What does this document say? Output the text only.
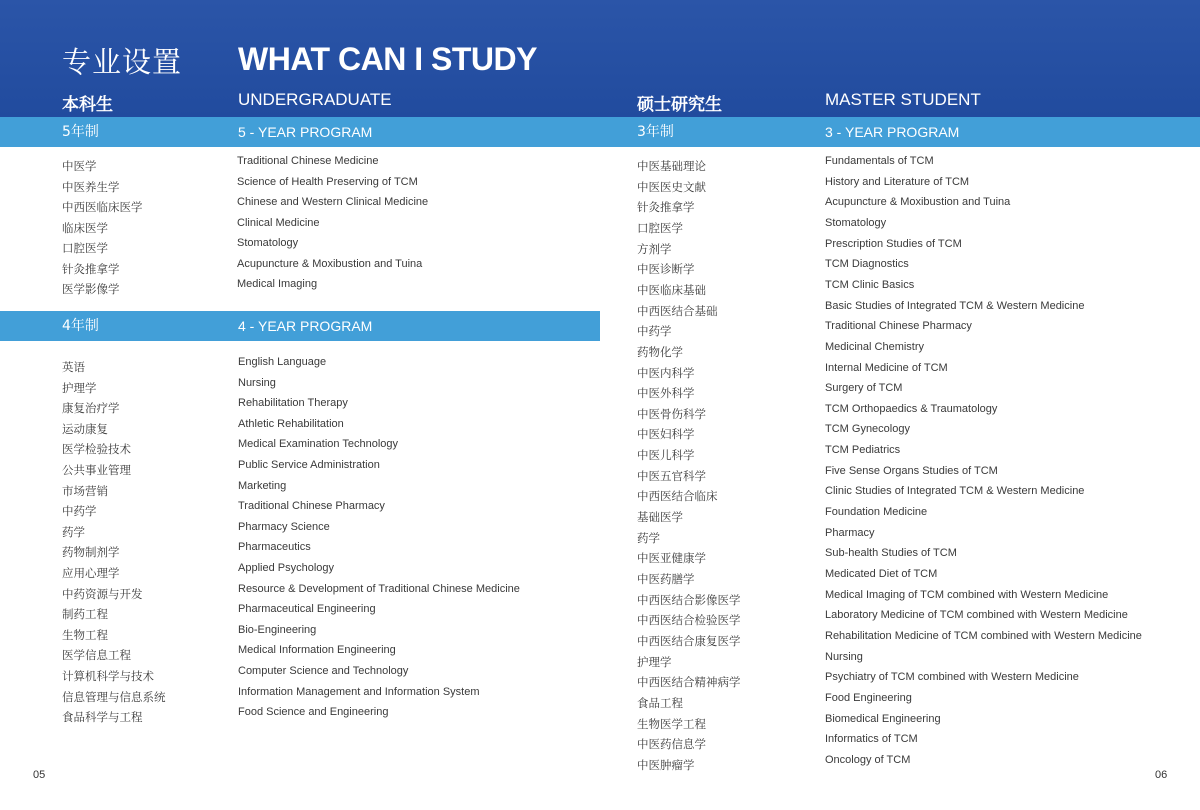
专业设置 WHAT CAN I STUDY
本科生	UNDERGRADUATE	硕士研究生	MASTER STUDENT
5年制	5 - YEAR PROGRAM	3年制	3 - YEAR PROGRAM
4年制	4 - YEAR PROGRAM
中医学	Traditional Chinese Medicine
中医养生学	Science of Health Preserving of TCM
中西医临床医学	Chinese and Western Clinical Medicine
临床医学	Clinical Medicine
口腔医学	Stomatology
针灸推拿学	Acupuncture & Moxibustion and Tuina
医学影像学	Medical Imaging
英语	English Language
护理学	Nursing
康复治疗学	Rehabilitation Therapy
运动康复	Athletic Rehabilitation
医学检验技术	Medical Examination Technology
公共事业管理	Public Service Administration
市场营销	Marketing
中药学	Traditional Chinese Pharmacy
药学	Pharmacy Science
药物制剂学	Pharmaceutics
应用心理学	Applied Psychology
中药资源与开发	Resource & Development of Traditional Chinese Medicine
制药工程	Pharmaceutical Engineering
生物工程	Bio-Engineering
医学信息工程	Medical Information Engineering
计算机科学与技术	Computer Science and Technology
信息管理与信息系统	Information Management and Information System
食品科学与工程	Food Science and Engineering
中医基础理论	Fundamentals of TCM
中医医史文献	History and Literature of TCM
针灸推拿学	Acupuncture & Moxibustion and Tuina
口腔医学	Stomatology
方剂学	Prescription Studies of TCM
中医诊断学	TCM Diagnostics
中医临床基础	TCM Clinic Basics
中西医结合基础	Basic Studies of Integrated TCM & Western Medicine
中药学	Traditional Chinese Pharmacy
药物化学	Medicinal Chemistry
中医内科学	Internal Medicine of TCM
中医外科学	Surgery of TCM
中医骨伤科学	TCM Orthopaedics & Traumatology
中医妇科学	TCM Gynecology
中医儿科学	TCM Pediatrics
中医五官科学	Five Sense Organs Studies of TCM
中西医结合临床	Clinic Studies of Integrated TCM & Western Medicine
基础医学	Foundation Medicine
药学	Pharmacy
中医亚健康学	Sub-health Studies of TCM
中医药膳学	Medicated Diet of TCM
中西医结合影像医学	Medical Imaging of TCM combined with Western Medicine
中西医结合检验医学	Laboratory Medicine of TCM combined with Western Medicine
中西医结合康复医学	Rehabilitation Medicine of TCM combined with Western Medicine
护理学	Nursing
中西医结合精神病学	Psychiatry of TCM combined with Western Medicine
食品工程	Food Engineering
生物医学工程	Biomedical Engineering
中医药信息学	Informatics of TCM
中医肿瘤学	Oncology of TCM
05	06
